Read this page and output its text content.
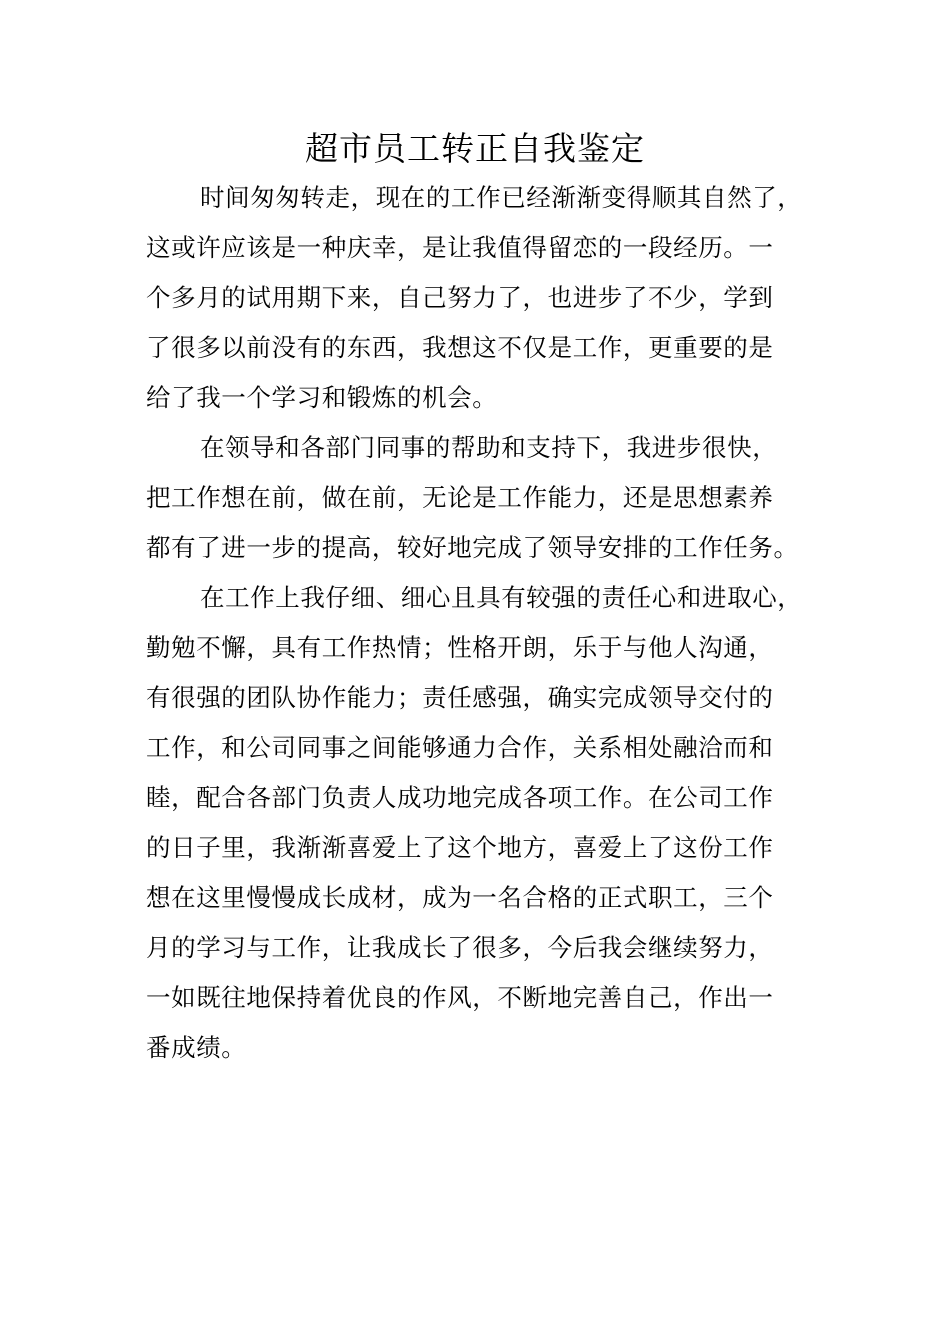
超市员工转正自我鉴定
时间匆匆转走，现在的工作已经渐渐变得顺其自然了，
这或许应该是一种庆幸，是让我值得留恋的一段经历。一
个多月的试用期下来，自己努力了，也进步了不少，学到
了很多以前没有的东西，我想这不仅是工作，更重要的是
给了我一个学习和锻炼的机会。
在领导和各部门同事的帮助和支持下，我进步很快，
把工作想在前，做在前，无论是工作能力，还是思想素养
都有了进一步的提高，较好地完成了领导安排的工作任务。
在工作上我仔细、细心且具有较强的责任心和进取心，
勤勉不懈，具有工作热情；性格开朗，乐于与他人沟通，
有很强的团队协作能力；责任感强，确实完成领导交付的
工作，和公司同事之间能够通力合作，关系相处融洽而和
睦，配合各部门负责人成功地完成各项工作。在公司工作
的日子里，我渐渐喜爱上了这个地方，喜爱上了这份工作
想在这里慢慢成长成材，成为一名合格的正式职工，三个
月的学习与工作，让我成长了很多，今后我会继续努力，
一如既往地保持着优良的作风，不断地完善自己，作出一
番成绩。
